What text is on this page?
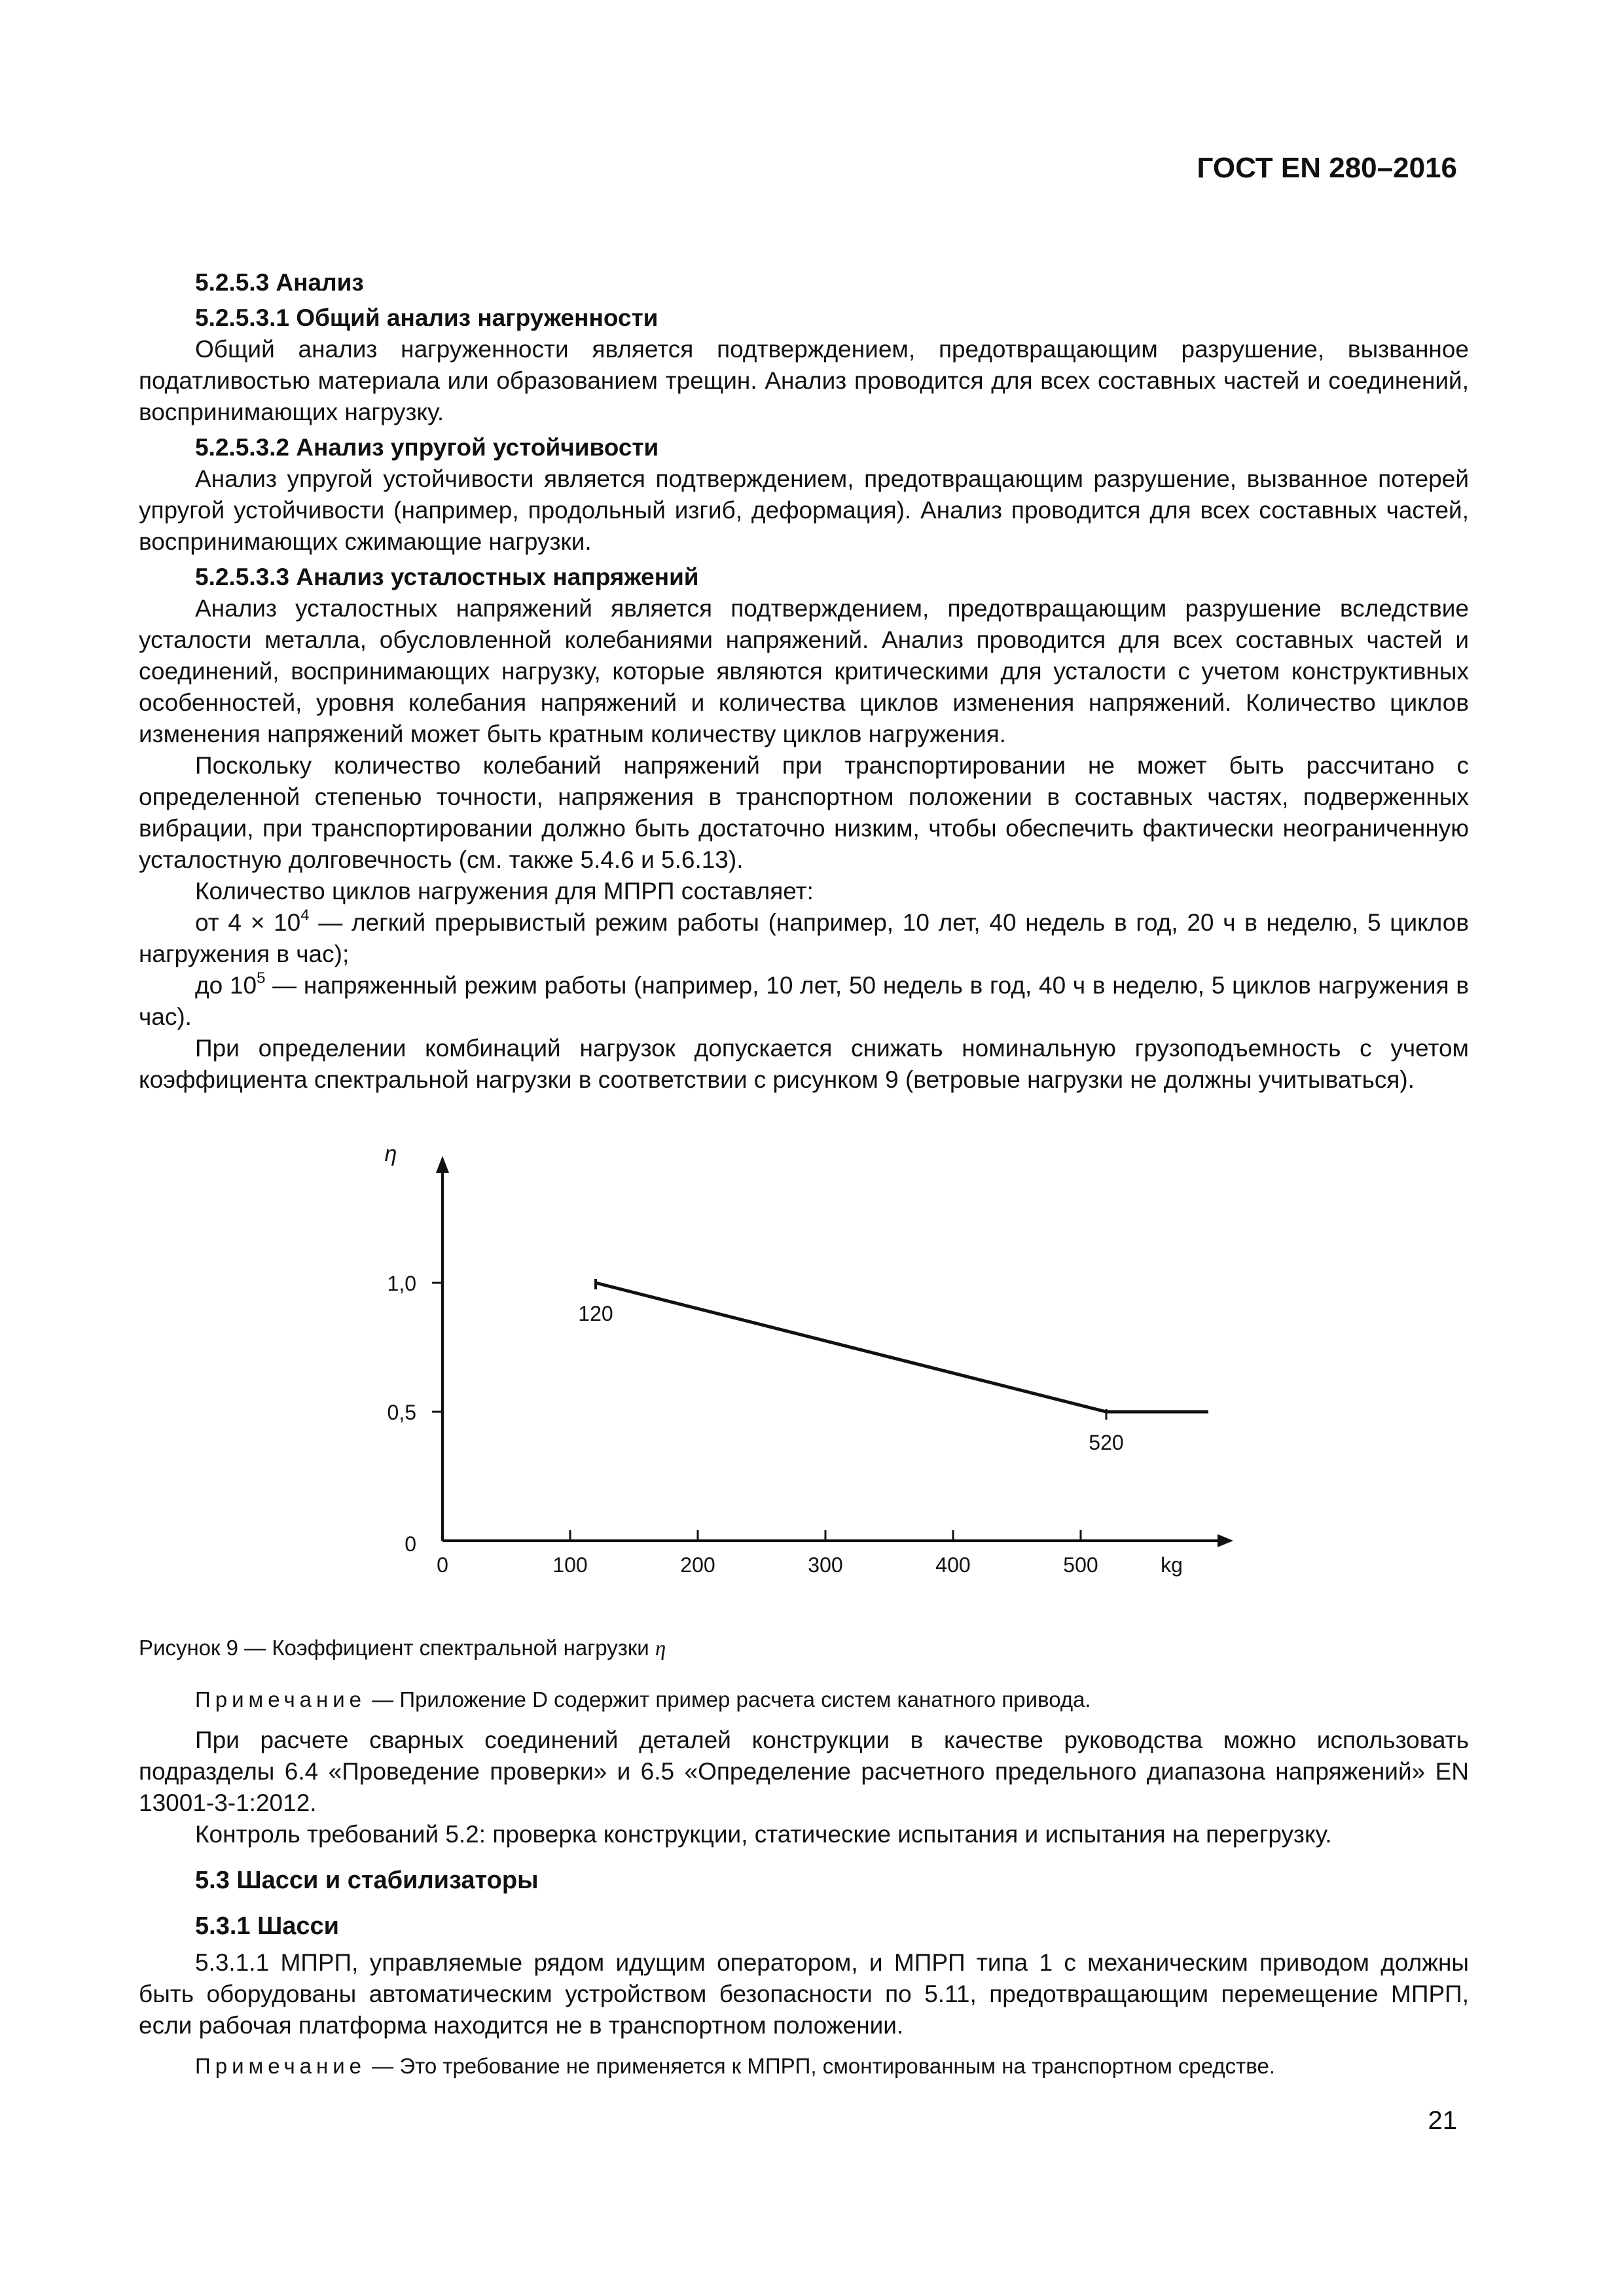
ГОСТ EN 280–2016

5.2.5.3 Анализ

5.2.5.3.1 Общий анализ нагруженности

Общий анализ нагруженности является подтверждением, предотвращающим разрушение, вызванное податливостью материала или образованием трещин. Анализ проводится для всех составных частей и соединений, воспринимающих нагрузку.

5.2.5.3.2 Анализ упругой устойчивости

Анализ упругой устойчивости является подтверждением, предотвращающим разрушение, вызванное потерей упругой устойчивости (например, продольный изгиб, деформация). Анализ проводится для всех составных частей, воспринимающих сжимающие нагрузки.

5.2.5.3.3 Анализ усталостных напряжений

Анализ усталостных напряжений является подтверждением, предотвращающим разрушение вследствие усталости металла, обусловленной колебаниями напряжений. Анализ проводится для всех составных частей и соединений, воспринимающих нагрузку, которые являются критическими для усталости с учетом конструктивных особенностей, уровня колебания напряжений и количества циклов изменения напряжений. Количество циклов изменения напряжений может быть кратным количеству циклов нагружения.

Поскольку количество колебаний напряжений при транспортировании не может быть рассчитано с определенной степенью точности, напряжения в транспортном положении в составных частях, подверженных вибрации, при транспортировании должно быть достаточно низким, чтобы обеспечить фактически неограниченную усталостную долговечность (см. также 5.4.6 и 5.6.13).

Количество циклов нагружения для МПРП составляет:

от $4 \times 10^4$ — легкий прерывистый режим работы (например, 10 лет, 40 недель в год, 20 ч в неделю, 5 циклов нагружения в час);

до $10^5$ — напряженный режим работы (например, 10 лет, 50 недель в год, 40 ч в неделю, 5 циклов нагружения в час).

При определении комбинаций нагрузок допускается снижать номинальную грузоподъемность с учетом коэффициента спектральной нагрузки в соответствии с рисунком 9 (ветровые нагрузки не должны учитываться).

0	100	200	300	400	500	kg
0
0,5
1,0
η
120
520

Рисунок 9 — Коэффициент спектральной нагрузки η

Примечание — Приложение D содержит пример расчета систем канатного привода.

При расчете сварных соединений деталей конструкции в качестве руководства можно использовать подразделы 6.4 «Проведение проверки» и 6.5 «Определение расчетного предельного диапазона напряжений» EN 13001-3-1:2012.

Контроль требований 5.2: проверка конструкции, статические испытания и испытания на перегрузку.

5.3 Шасси и стабилизаторы

5.3.1 Шасси

5.3.1.1 МПРП, управляемые рядом идущим оператором, и МПРП типа 1 с механическим приводом должны быть оборудованы автоматическим устройством безопасности по 5.11, предотвращающим перемещение МПРП, если рабочая платформа находится не в транспортном положении.

Примечание — Это требование не применяется к МПРП, смонтированным на транспортном средстве.

21
